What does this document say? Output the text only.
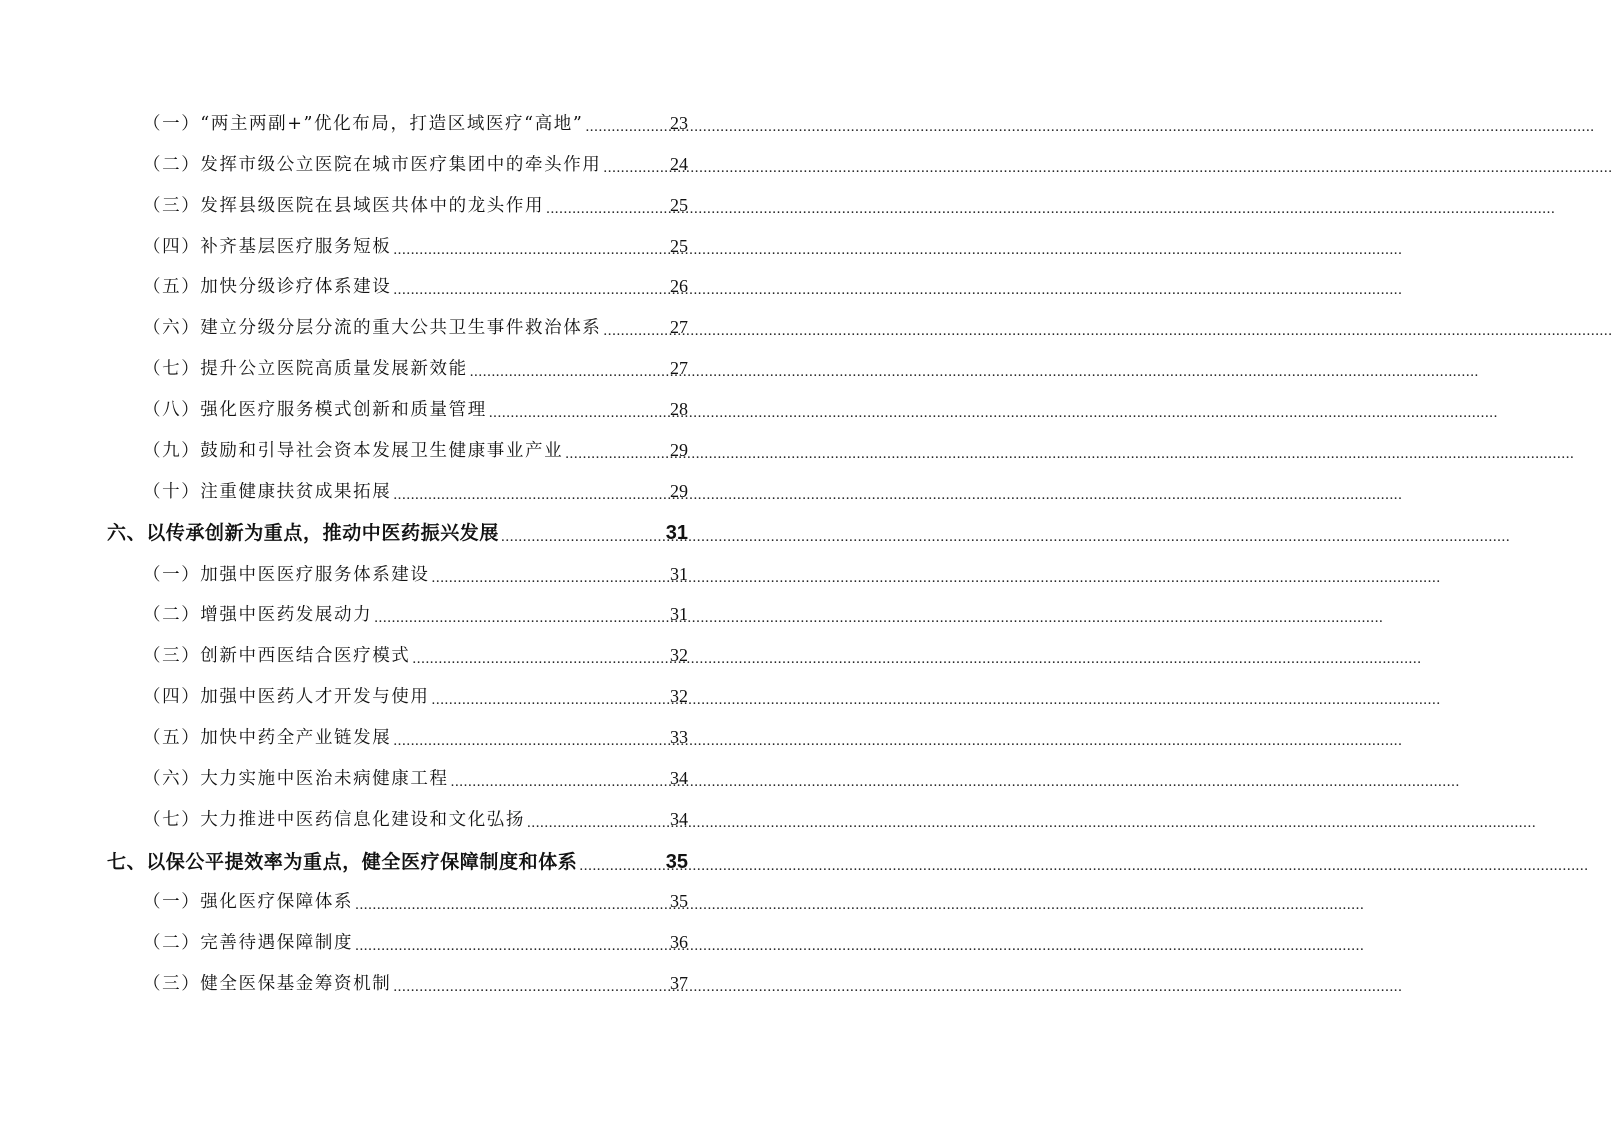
（一）“两主两副+”优化布局，打造区域医疗“高地” .....	23
（二）发挥市级公立医院在城市医疗集团中的牵头作用 .....	24
（三）发挥县级医院在县域医共体中的龙头作用 .....	25
（四）补齐基层医疗服务短板 .....	25
（五）加快分级诊疗体系建设 .....	26
（六）建立分级分层分流的重大公共卫生事件救治体系 .....	27
（七）提升公立医院高质量发展新效能 .....	27
（八）强化医疗服务模式创新和质量管理 .....	28
（九）鼓励和引导社会资本发展卫生健康事业产业 .....	29
（十）注重健康扶贫成果拓展 .....	29
六、以传承创新为重点，推动中医药振兴发展 .....	31
（一）加强中医医疗服务体系建设 .....	31
（二）增强中医药发展动力 .....	31
（三）创新中西医结合医疗模式 .....	32
（四）加强中医药人才开发与使用 .....	32
（五）加快中药全产业链发展 .....	33
（六）大力实施中医治未病健康工程 .....	34
（七）大力推进中医药信息化建设和文化弘扬 .....	34
七、以保公平提效率为重点，健全医疗保障制度和体系 .....	35
（一）强化医疗保障体系 .....	35
（二）完善待遇保障制度 .....	36
（三）健全医保基金筹资机制 .....	37
